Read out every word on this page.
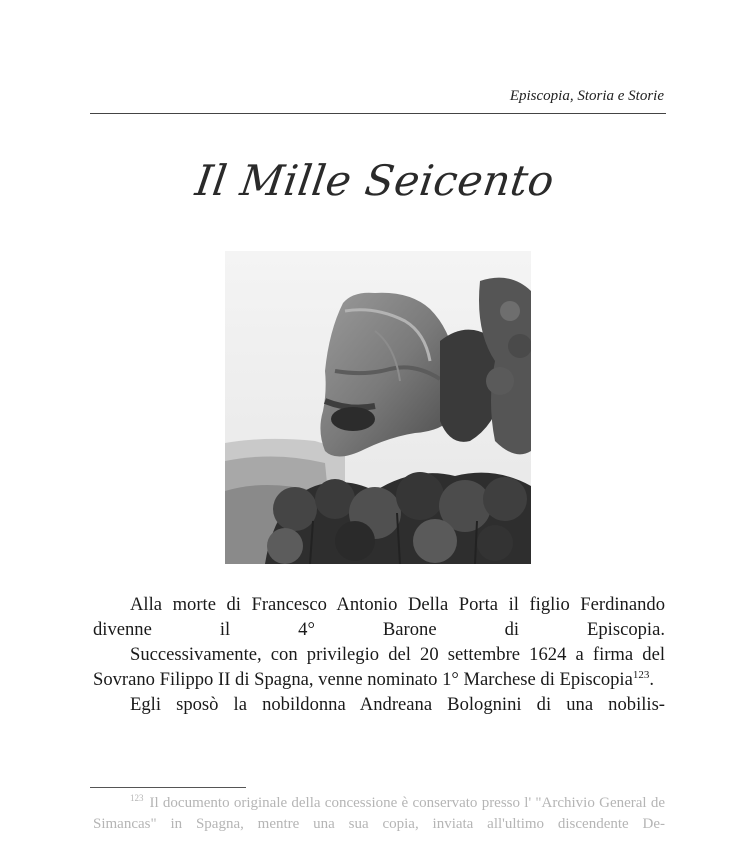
Episcopia, Storia e Storie
Il Mille Seicento

Alla morte di Francesco Antonio Della Porta il figlio Ferdinando divenne il 4° Barone di Episcopia.

Successivamente, con privilegio del 20 settembre 1624 a firma del Sovrano Filippo II di Spagna, venne nominato 1° Marchese di Episcopia$^{123}$.

Egli sposò la nobildonna Andreana Bolognini di una nobilis-

$^{123}$ Il documento originale della concessione è conservato presso l' "Archivio General de Simancas" in Spagna, mentre una sua copia, inviata all'ultimo discendente De-
